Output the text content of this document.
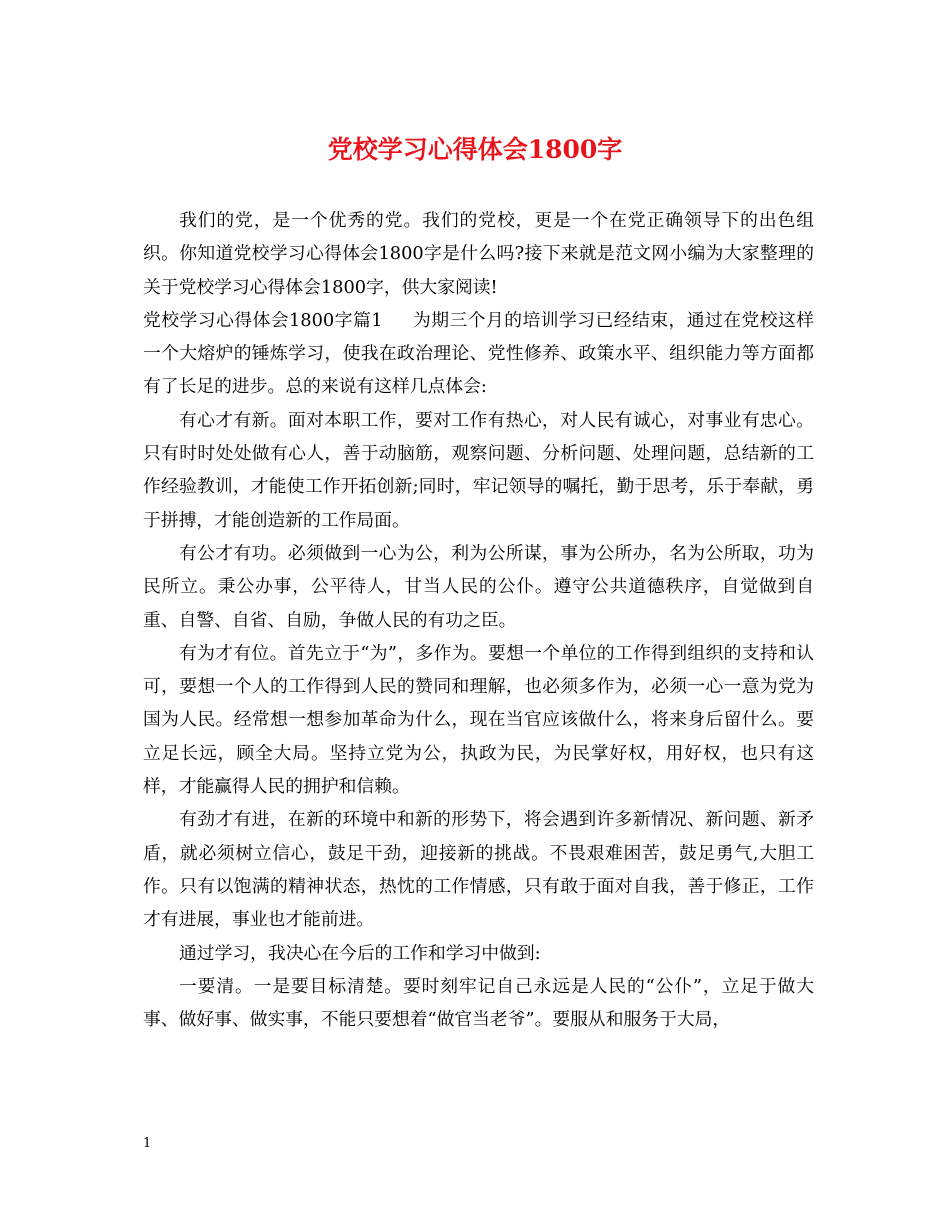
党校学习心得体会1800字

我们的党，是一个优秀的党。我们的党校，更是一个在党正确领导下的出色组织。你知道党校学习心得体会1800字是什么吗?接下来就是范文网小编为大家整理的关于党校学习心得体会1800字，供大家阅读!

党校学习心得体会1800字篇1 为期三个月的培训学习已经结束，通过在党校这样一个大熔炉的锤炼学习，使我在政治理论、党性修养、政策水平、组织能力等方面都有了长足的进步。总的来说有这样几点体会:

有心才有新。面对本职工作，要对工作有热心，对人民有诚心，对事业有忠心。只有时时处处做有心人，善于动脑筋，观察问题、分析问题、处理问题，总结新的工作经验教训，才能使工作开拓创新;同时，牢记领导的嘱托，勤于思考，乐于奉献，勇于拼搏，才能创造新的工作局面。

有公才有功。必须做到一心为公，利为公所谋，事为公所办，名为公所取，功为民所立。秉公办事，公平待人，甘当人民的公仆。遵守公共道德秩序，自觉做到自重、自警、自省、自励，争做人民的有功之臣。

有为才有位。首先立于“为”，多作为。要想一个单位的工作得到组织的支持和认可，要想一个人的工作得到人民的赞同和理解，也必须多作为，必须一心一意为党为国为人民。经常想一想参加革命为什么，现在当官应该做什么，将来身后留什么。要立足长远，顾全大局。坚持立党为公，执政为民，为民掌好权，用好权，也只有这样，才能赢得人民的拥护和信赖。

有劲才有进，在新的环境中和新的形势下，将会遇到许多新情况、新问题、新矛盾，就必须树立信心，鼓足干劲，迎接新的挑战。不畏艰难困苦，鼓足勇气,大胆工作。只有以饱满的精神状态，热忱的工作情感，只有敢于面对自我，善于修正，工作才有进展，事业也才能前进。

通过学习，我决心在今后的工作和学习中做到:

一要清。一是要目标清楚。要时刻牢记自己永远是人民的“公仆”，立足于做大事、做好事、做实事，不能只要想着“做官当老爷”。要服从和服务于大局，

1
